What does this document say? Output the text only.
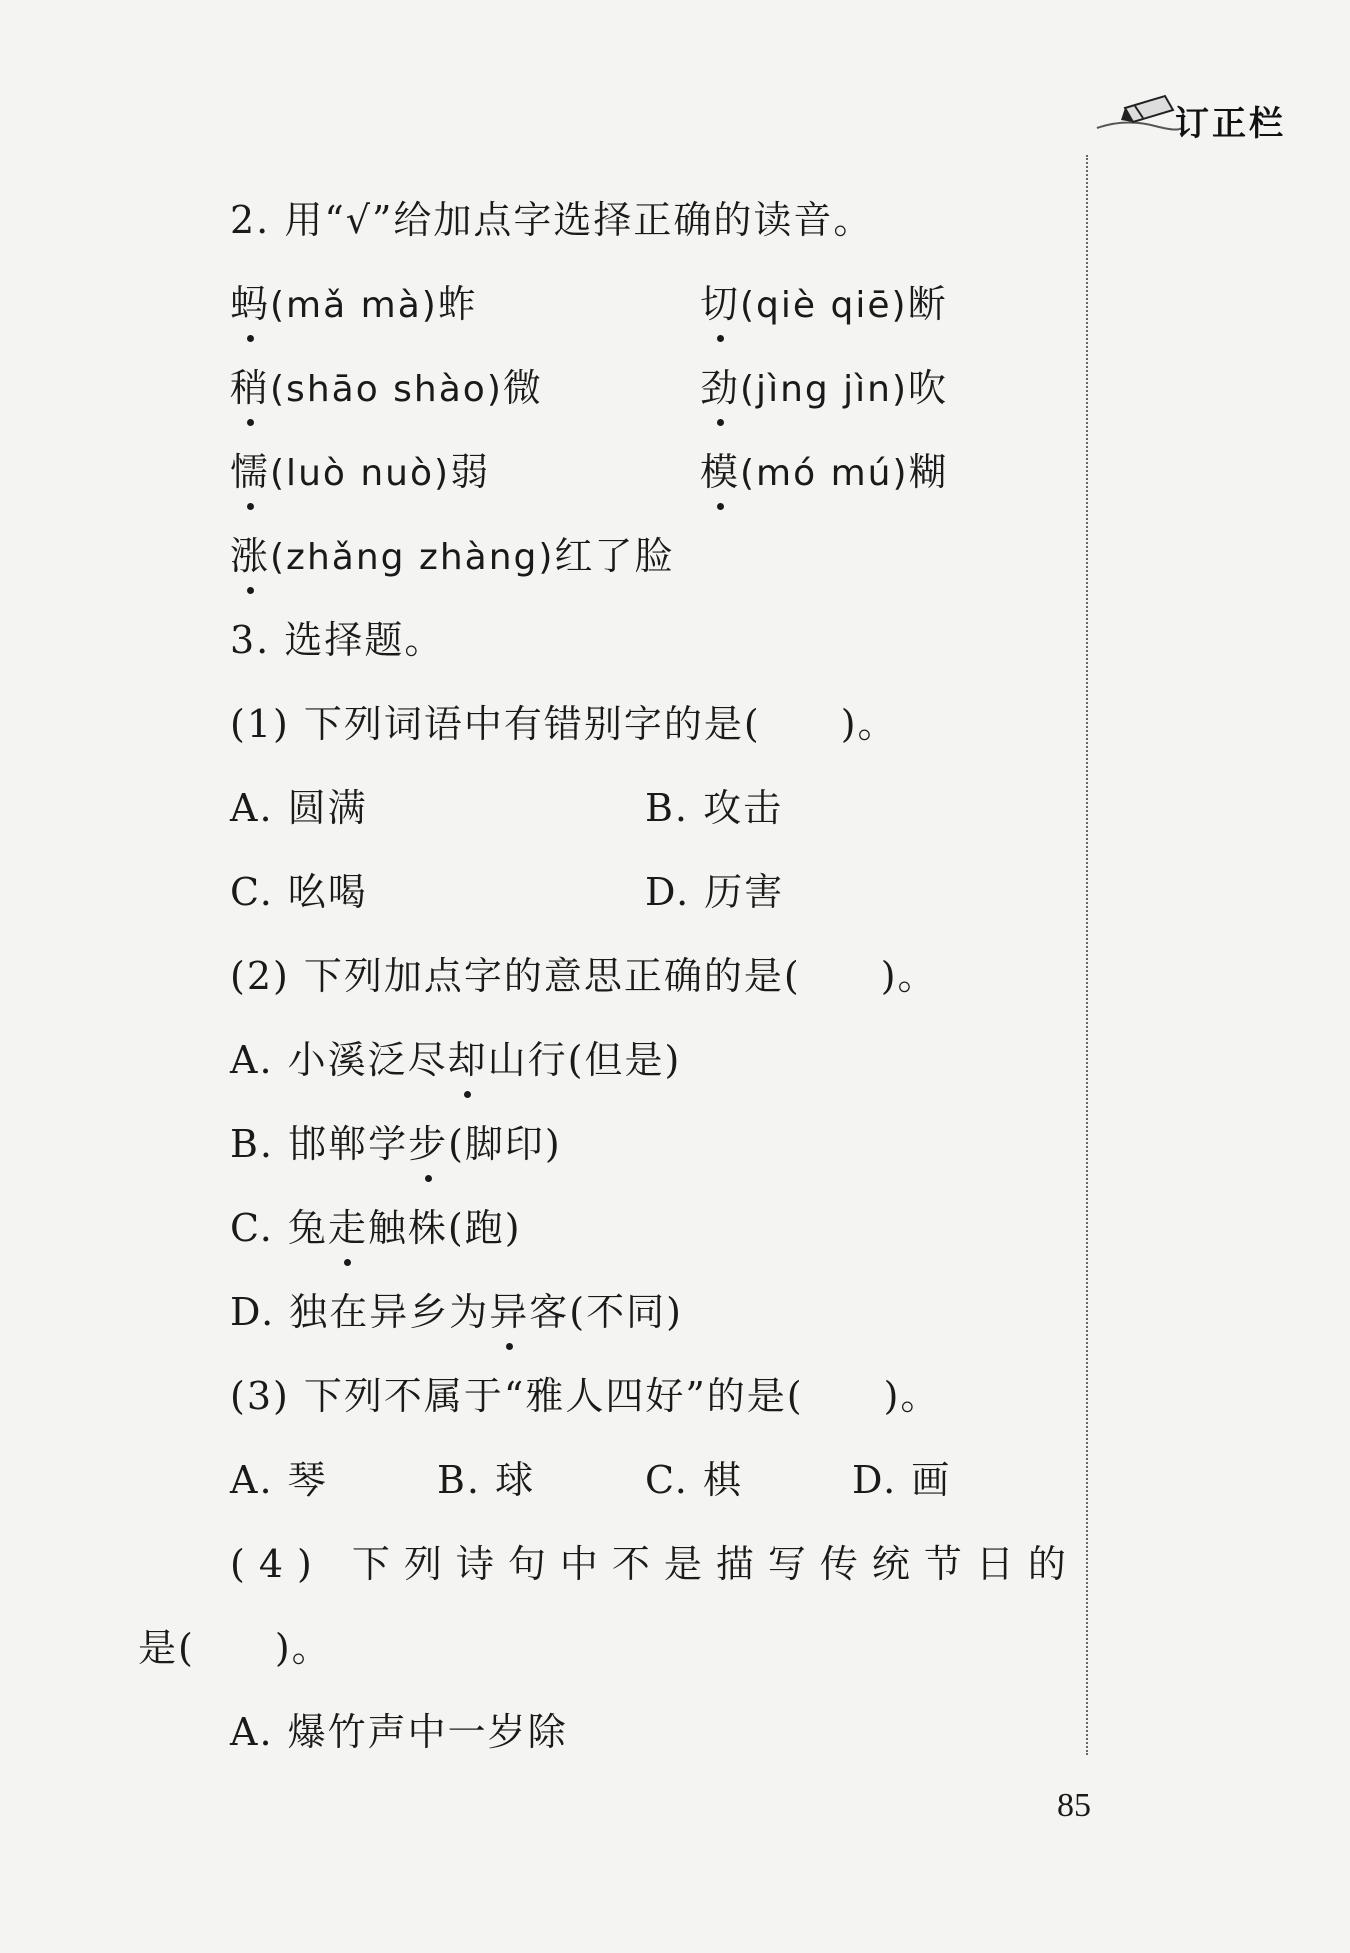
订正栏
2. 用“√”给加点字选择正确的读音。
蚂(mǎ mà)蚱	切(qiè qiē)断
稍(shāo shào)微	劲(jìng jìn)吹
懦(luò nuò)弱	模(mó mú)糊
涨(zhǎng zhàng)红了脸
3. 选择题。
(1) 下列词语中有错别字的是(　　)。
A. 圆满	B. 攻击
C. 吆喝	D. 历害
(2) 下列加点字的意思正确的是(　　)。
A. 小溪泛尽却山行(但是)
B. 邯郸学步(脚印)
C. 兔走触株(跑)
D. 独在异乡为异客(不同)
(3) 下列不属于“雅人四好”的是(　　)。
A. 琴	B. 球	C. 棋	D. 画
(4) 下列诗句中不是描写传统节日的
是(　　)。
A. 爆竹声中一岁除
85
